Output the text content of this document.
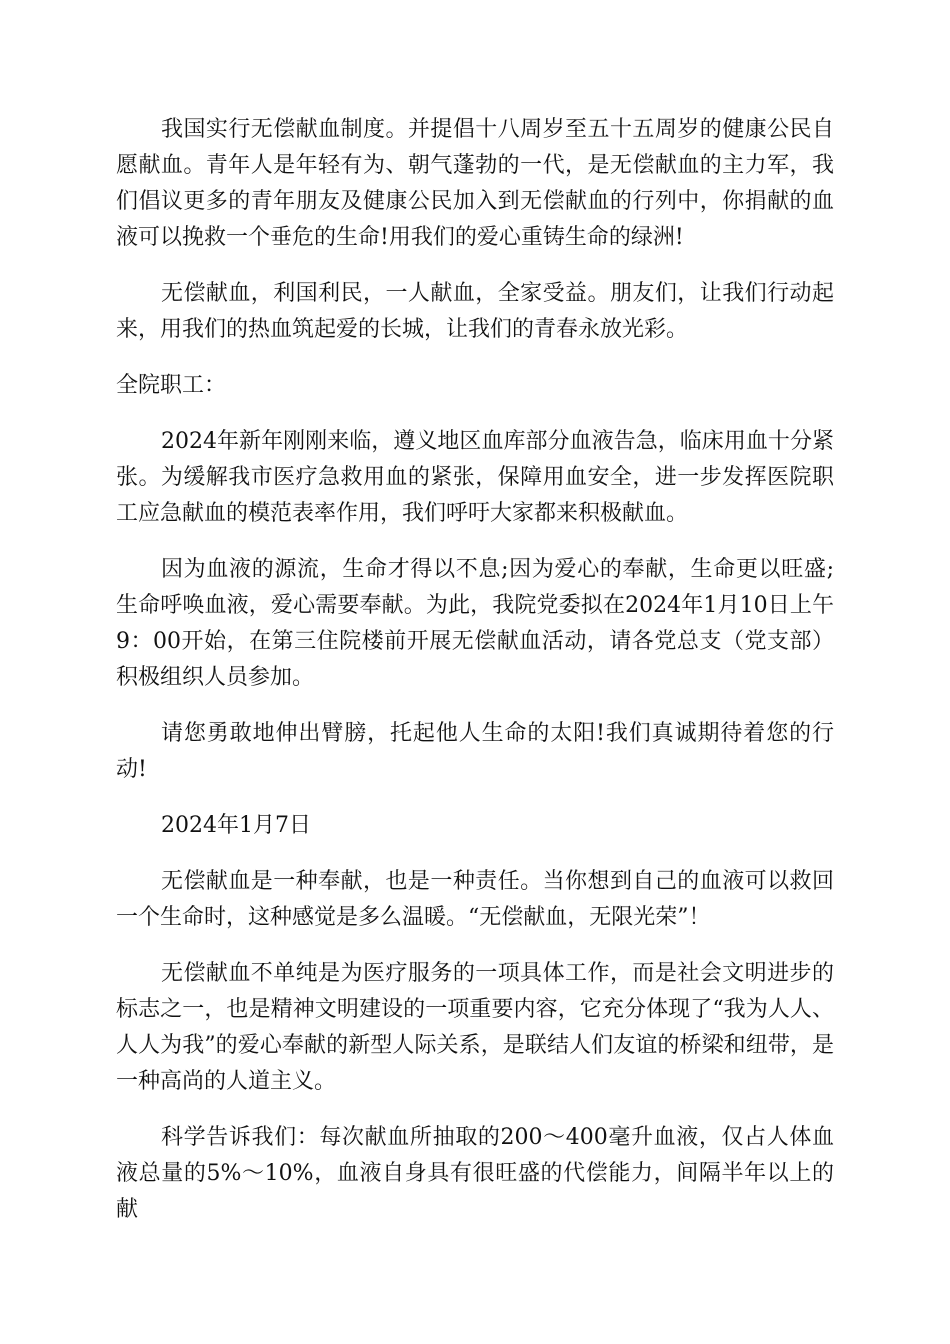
我国实行无偿献血制度。并提倡十八周岁至五十五周岁的健康公民自愿献血。青年人是年轻有为、朝气蓬勃的一代，是无偿献血的主力军，我们倡议更多的青年朋友及健康公民加入到无偿献血的行列中，你捐献的血液可以挽救一个垂危的生命!用我们的爱心重铸生命的绿洲!

无偿献血，利国利民，一人献血，全家受益。朋友们，让我们行动起来，用我们的热血筑起爱的长城，让我们的青春永放光彩。

全院职工：

2024年新年刚刚来临，遵义地区血库部分血液告急，临床用血十分紧张。为缓解我市医疗急救用血的紧张，保障用血安全，进一步发挥医院职工应急献血的模范表率作用，我们呼吁大家都来积极献血。

因为血液的源流，生命才得以不息;因为爱心的奉献，生命更以旺盛;生命呼唤血液，爱心需要奉献。为此，我院党委拟在2024年1月10日上午9：00开始，在第三住院楼前开展无偿献血活动，请各党总支（党支部）积极组织人员参加。

请您勇敢地伸出臂膀，托起他人生命的太阳!我们真诚期待着您的行动!

2024年1月7日

无偿献血是一种奉献，也是一种责任。当你想到自己的血液可以救回一个生命时，这种感觉是多么温暖。“无偿献血，无限光荣”！

无偿献血不单纯是为医疗服务的一项具体工作，而是社会文明进步的标志之一，也是精神文明建设的一项重要内容，它充分体现了“我为人人、人人为我”的爱心奉献的新型人际关系，是联结人们友谊的桥梁和纽带，是一种高尚的人道主义。

科学告诉我们：每次献血所抽取的200～400毫升血液，仅占人体血液总量的5%～10%，血液自身具有很旺盛的代偿能力，间隔半年以上的献
